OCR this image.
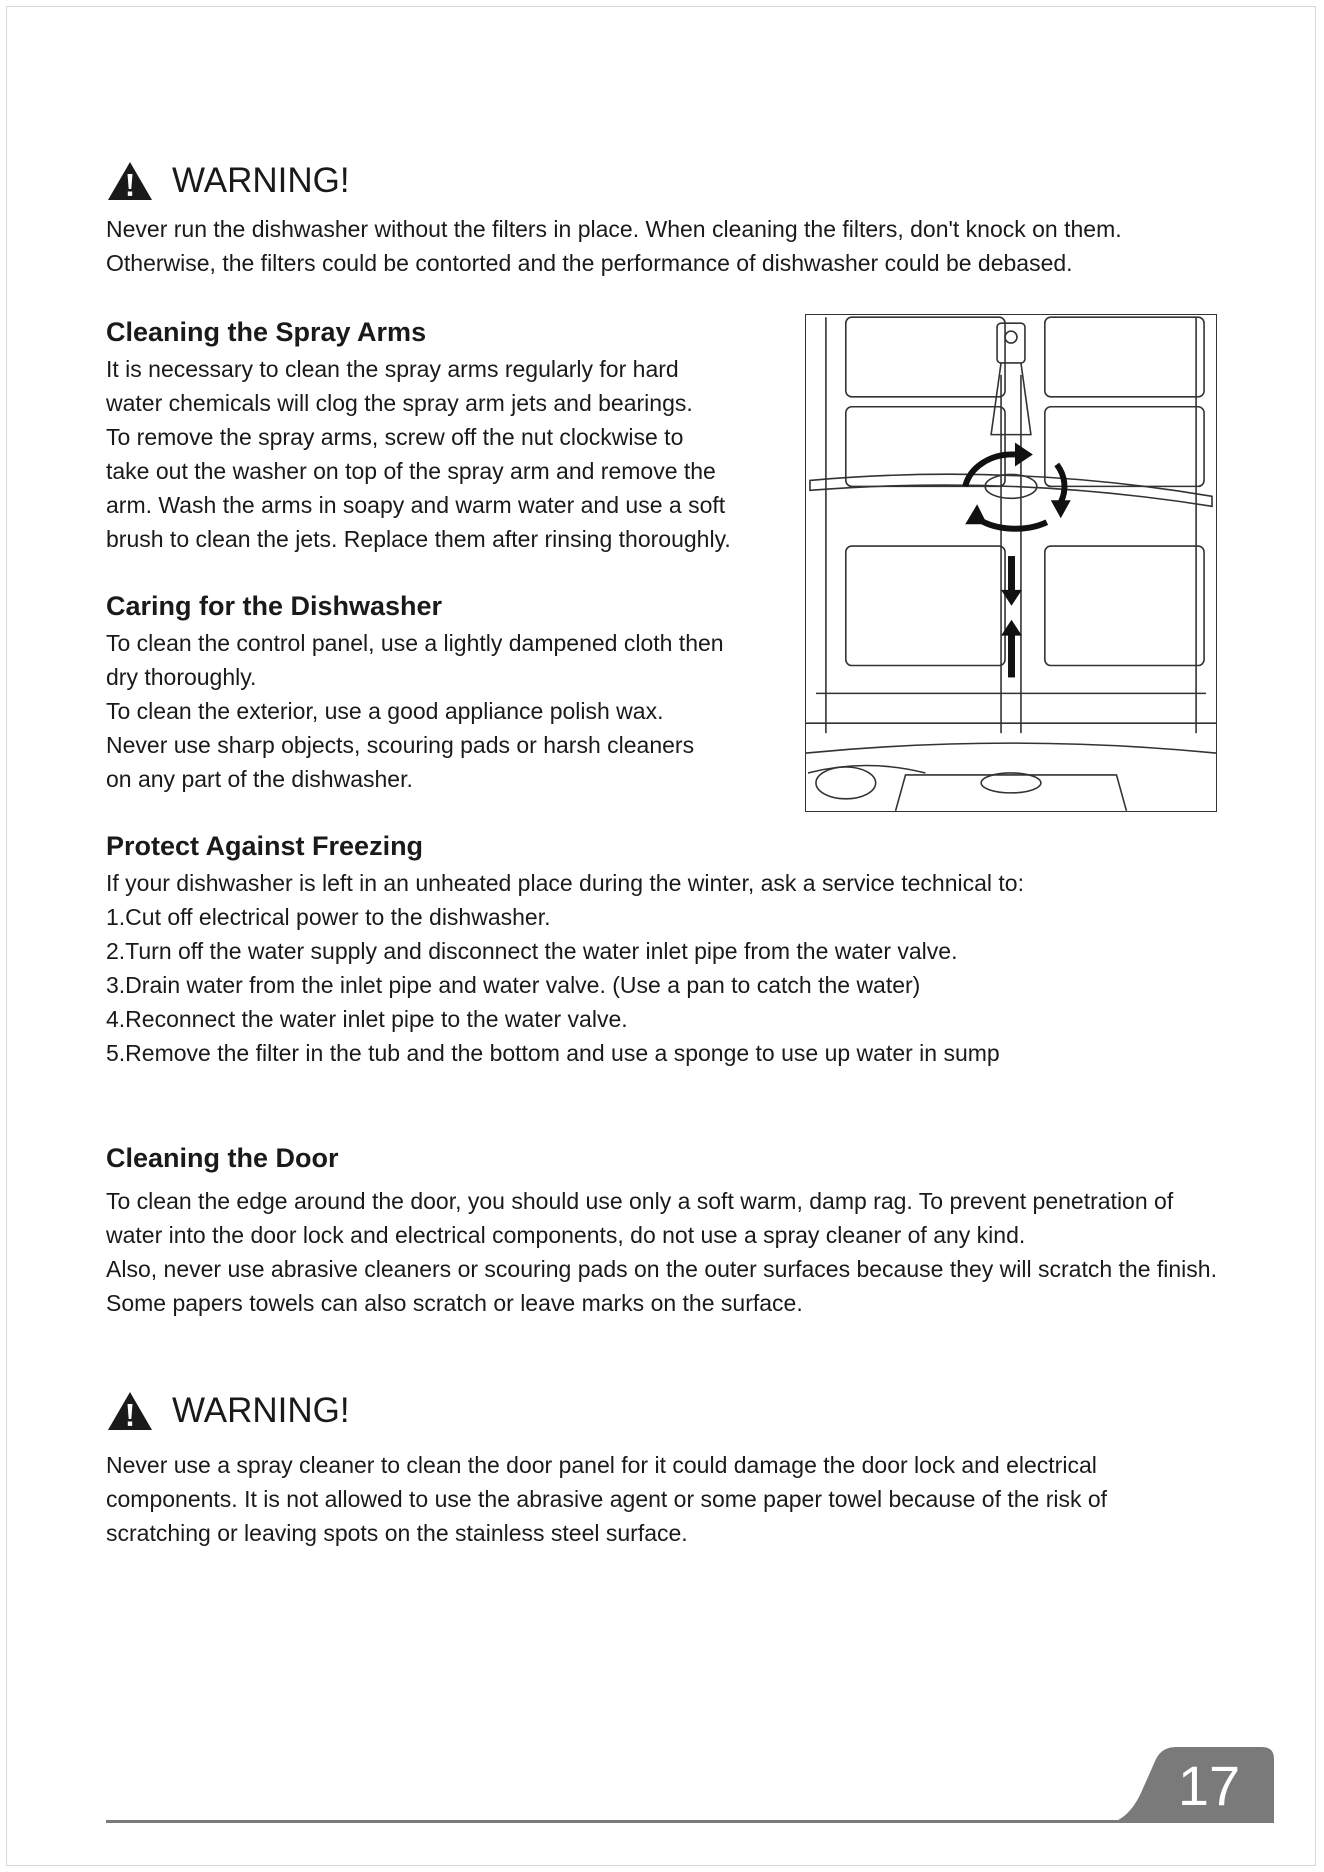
WARNING!

Never run the dishwasher without the filters in place. When cleaning the filters, don't knock on them. Otherwise, the filters could be contorted and the performance of dishwasher could be debased.

Cleaning the Spray Arms

It is necessary to clean the spray arms regularly for hard

water chemicals will clog the spray arm jets and bearings.

To remove the spray arms, screw off the nut clockwise to

take out the washer on top of the spray arm and remove the

arm. Wash the arms in soapy and warm water and use a soft

brush to clean the jets. Replace them after rinsing thoroughly.

Caring for the Dishwasher

To clean the control panel, use a lightly dampened cloth then

dry thoroughly.

To clean the exterior, use a good appliance polish wax.

Never use sharp objects, scouring pads or harsh cleaners

on any part of the dishwasher.

Protect Against Freezing

If your dishwasher is left in an unheated place during the winter, ask a service technical to:

1.Cut off electrical power to the dishwasher.

2.Turn off the water supply and disconnect the water inlet pipe from the water valve.

3.Drain water from the inlet pipe and water valve. (Use a pan to catch the water)

4.Reconnect the water inlet pipe to the water valve.

5.Remove the filter in the tub and the bottom and use a sponge to use up water in sump

Cleaning the Door

To clean the edge around the door, you should use only a soft warm, damp rag. To prevent penetration of water into the door lock and electrical components, do not use a spray cleaner of any kind.

Also, never use abrasive cleaners or scouring pads on the outer surfaces because they will scratch the finish. Some papers towels can also scratch or leave marks on the surface.

WARNING!

Never use a spray cleaner to clean the door panel for it could damage the door lock and electrical components. It is not allowed to use the abrasive agent or some paper towel because of the risk of scratching or leaving spots on the stainless steel surface.

17
